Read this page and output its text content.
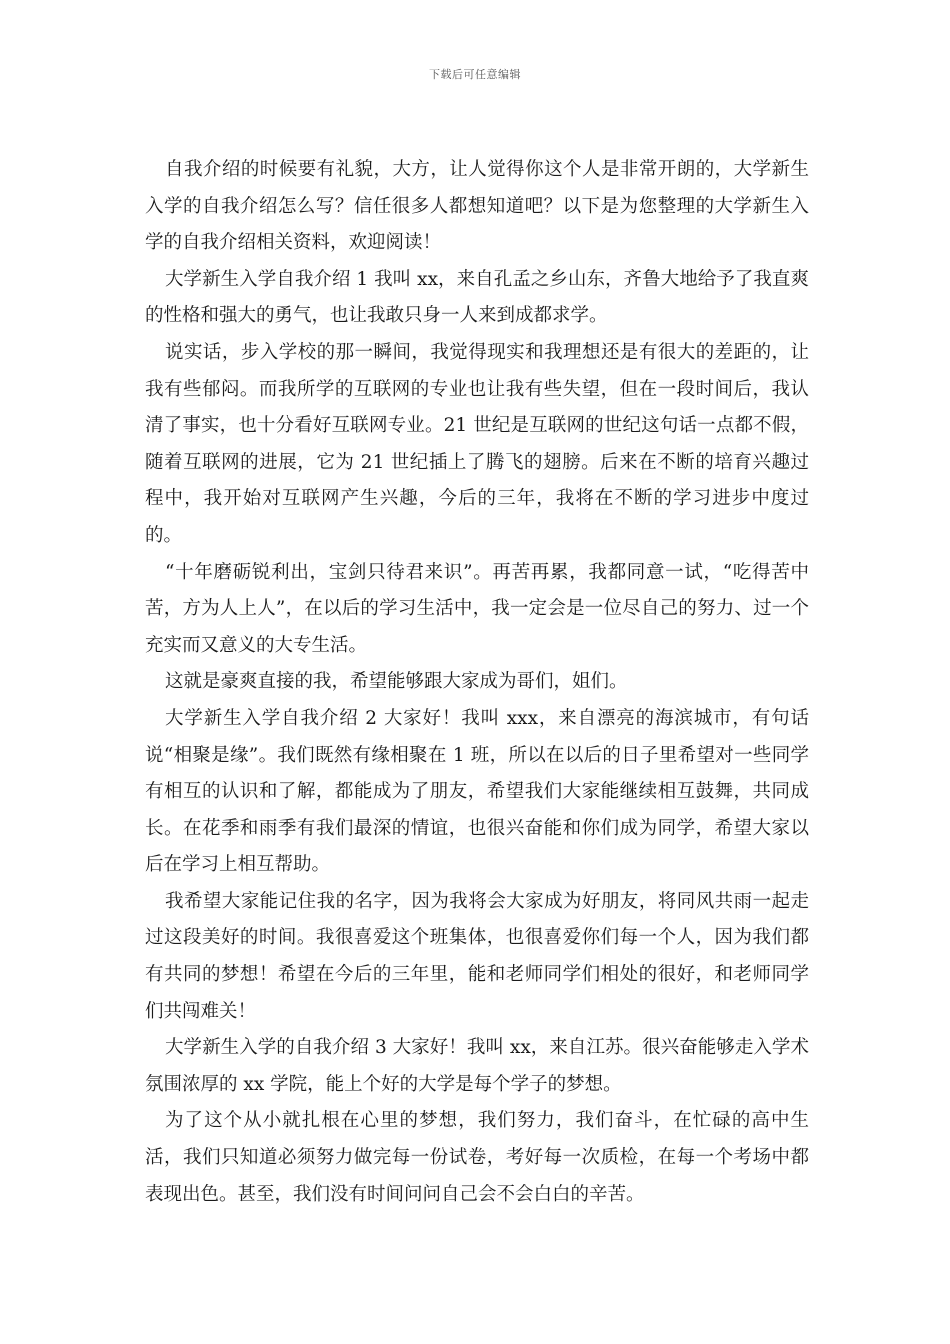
下载后可任意编辑

自我介绍的时候要有礼貌，大方，让人觉得你这个人是非常开朗的，大学新生入学的自我介绍怎么写？信任很多人都想知道吧？以下是为您整理的大学新生入学的自我介绍相关资料，欢迎阅读！

大学新生入学自我介绍 1 我叫 xx，来自孔孟之乡山东，齐鲁大地给予了我直爽的性格和强大的勇气，也让我敢只身一人来到成都求学。

说实话，步入学校的那一瞬间，我觉得现实和我理想还是有很大的差距的，让我有些郁闷。而我所学的互联网的专业也让我有些失望，但在一段时间后，我认清了事实，也十分看好互联网专业。21 世纪是互联网的世纪这句话一点都不假，随着互联网的进展，它为 21 世纪插上了腾飞的翅膀。后来在不断的培育兴趣过程中，我开始对互联网产生兴趣，今后的三年，我将在不断的学习进步中度过的。

“十年磨砺锐利出，宝剑只待君来识”。再苦再累，我都同意一试，“吃得苦中苦，方为人上人”，在以后的学习生活中，我一定会是一位尽自己的努力、过一个充实而又意义的大专生活。

这就是豪爽直接的我，希望能够跟大家成为哥们，姐们。

大学新生入学自我介绍 2 大家好！我叫 xxx，来自漂亮的海滨城市，有句话说“相聚是缘”。我们既然有缘相聚在 1 班，所以在以后的日子里希望对一些同学有相互的认识和了解，都能成为了朋友，希望我们大家能继续相互鼓舞，共同成长。在花季和雨季有我们最深的情谊，也很兴奋能和你们成为同学，希望大家以后在学习上相互帮助。

我希望大家能记住我的名字，因为我将会大家成为好朋友，将同风共雨一起走过这段美好的时间。我很喜爱这个班集体，也很喜爱你们每一个人，因为我们都有共同的梦想！希望在今后的三年里，能和老师同学们相处的很好，和老师同学们共闯难关！

大学新生入学的自我介绍 3 大家好！我叫 xx，来自江苏。很兴奋能够走入学术氛围浓厚的 xx 学院，能上个好的大学是每个学子的梦想。

为了这个从小就扎根在心里的梦想，我们努力，我们奋斗，在忙碌的高中生活，我们只知道必须努力做完每一份试卷，考好每一次质检，在每一个考场中都表现出色。甚至，我们没有时间问问自己会不会白白的辛苦。
